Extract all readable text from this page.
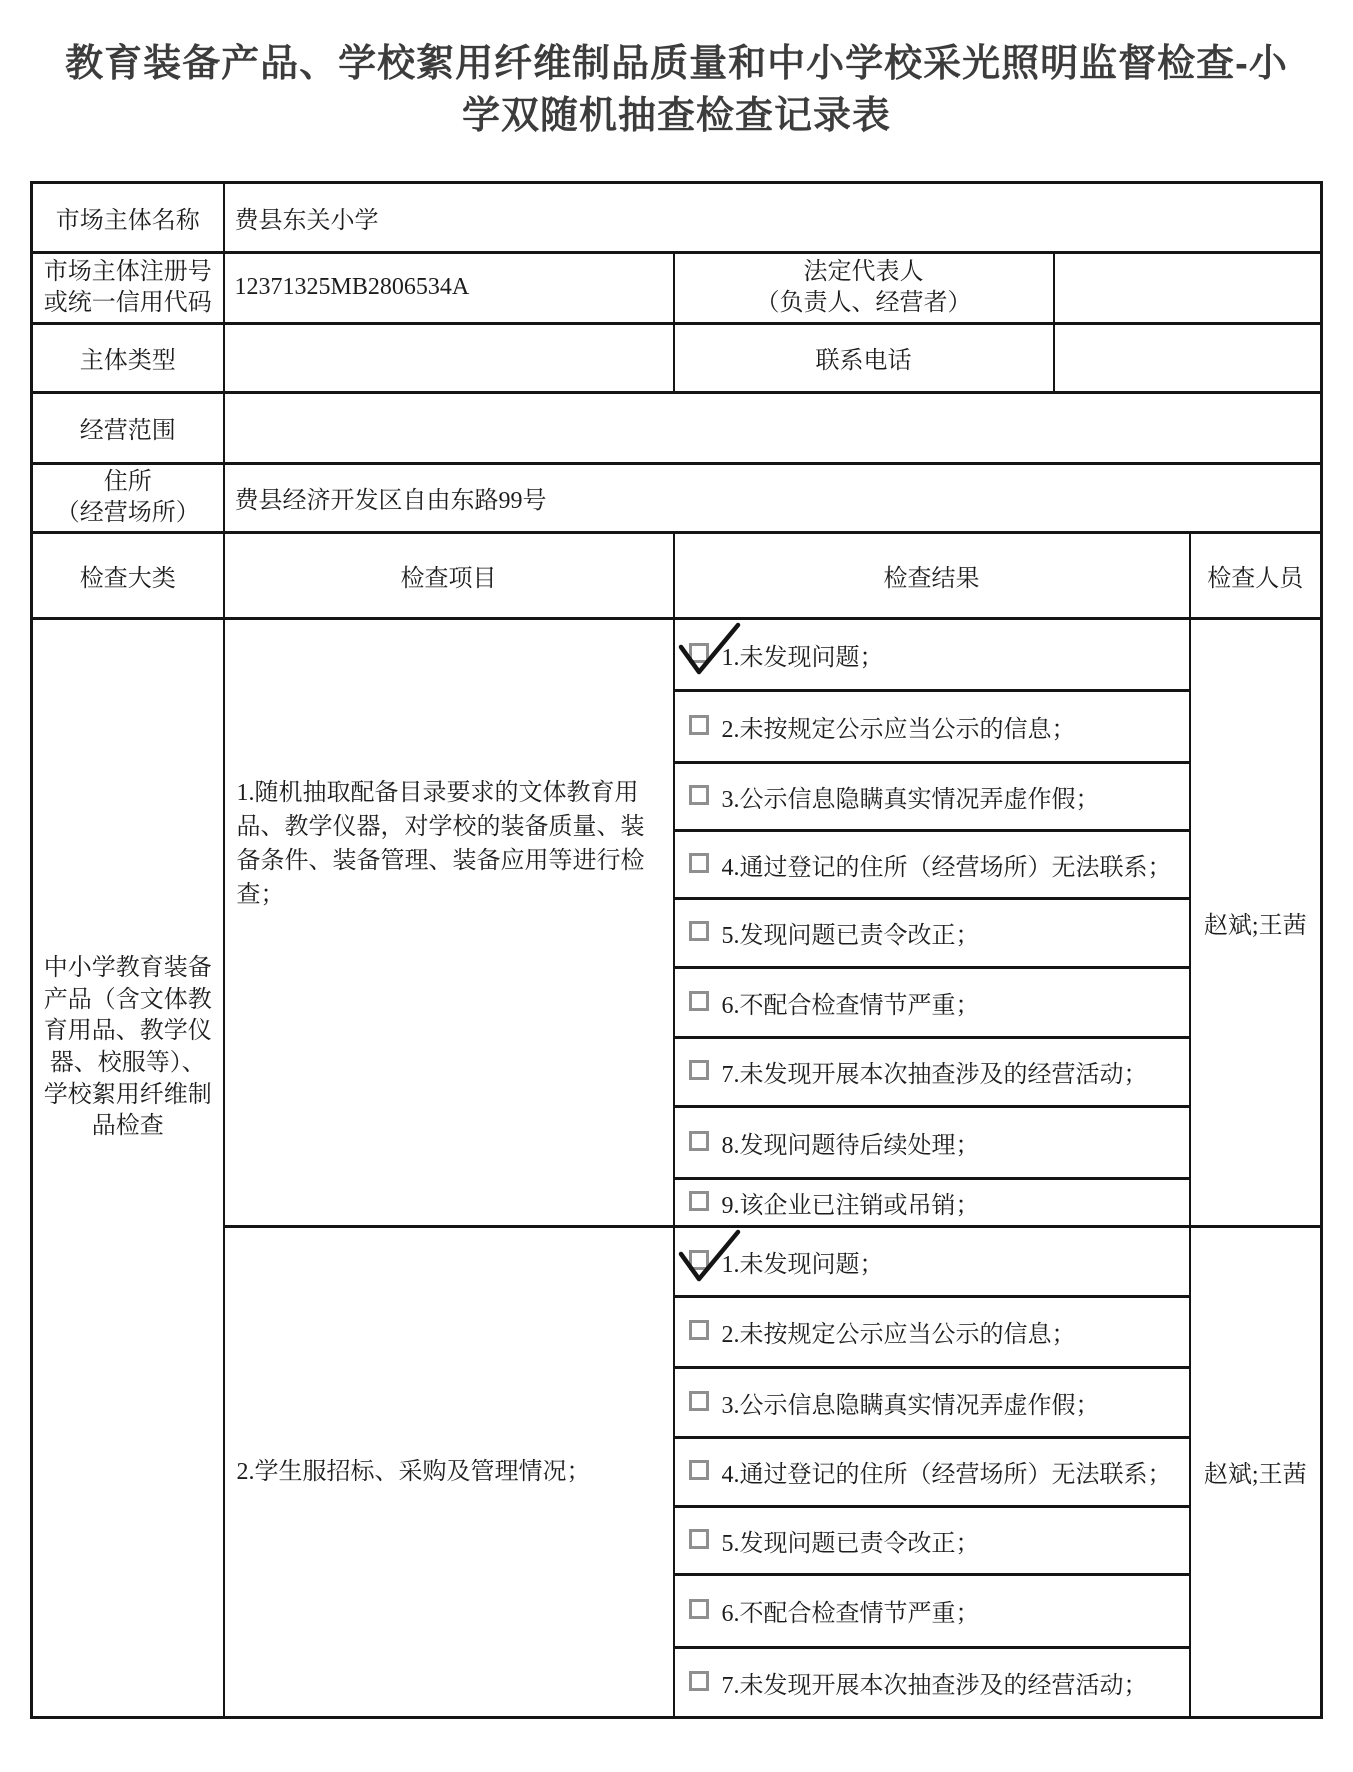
教育装备产品、学校絮用纤维制品质量和中小学校采光照明监督检查-小学双随机抽查检查记录表
市场主体名称	费县东关小学			

市场主体注册号
或统一信用代码	12371325MB2806534A	法定代表人
（负责人、经营者）		

主体类型		联系电话		
经营范围				

住所
（经营场所）	费县经济开发区自由东路99号			
检查大类	检查项目	检查结果		检查人员
中小学教育装备产品（含文体教育用品、教学仪器、校服等）、学校絮用纤维制品检查	1.随机抽取配备目录要求的文体教育用品、教学仪器，对学校的装备质量、装备条件、装备管理、装备应用等进行检查；	1.未发现问题；		赵斌;王茜
		2.未按规定公示应当公示的信息；		
		3.公示信息隐瞒真实情况弄虚作假；		
		4.通过登记的住所（经营场所）无法联系；		
		5.发现问题已责令改正；		
		6.不配合检查情节严重；		
		7.未发现开展本次抽查涉及的经营活动；		
		8.发现问题待后续处理；		
		9.该企业已注销或吊销；		
	2.学生服招标、采购及管理情况；	1.未发现问题；		赵斌;王茜
		2.未按规定公示应当公示的信息；		
		3.公示信息隐瞒真实情况弄虚作假；		
		4.通过登记的住所（经营场所）无法联系；		
		5.发现问题已责令改正；		
		6.不配合检查情节严重；		
		7.未发现开展本次抽查涉及的经营活动；		
